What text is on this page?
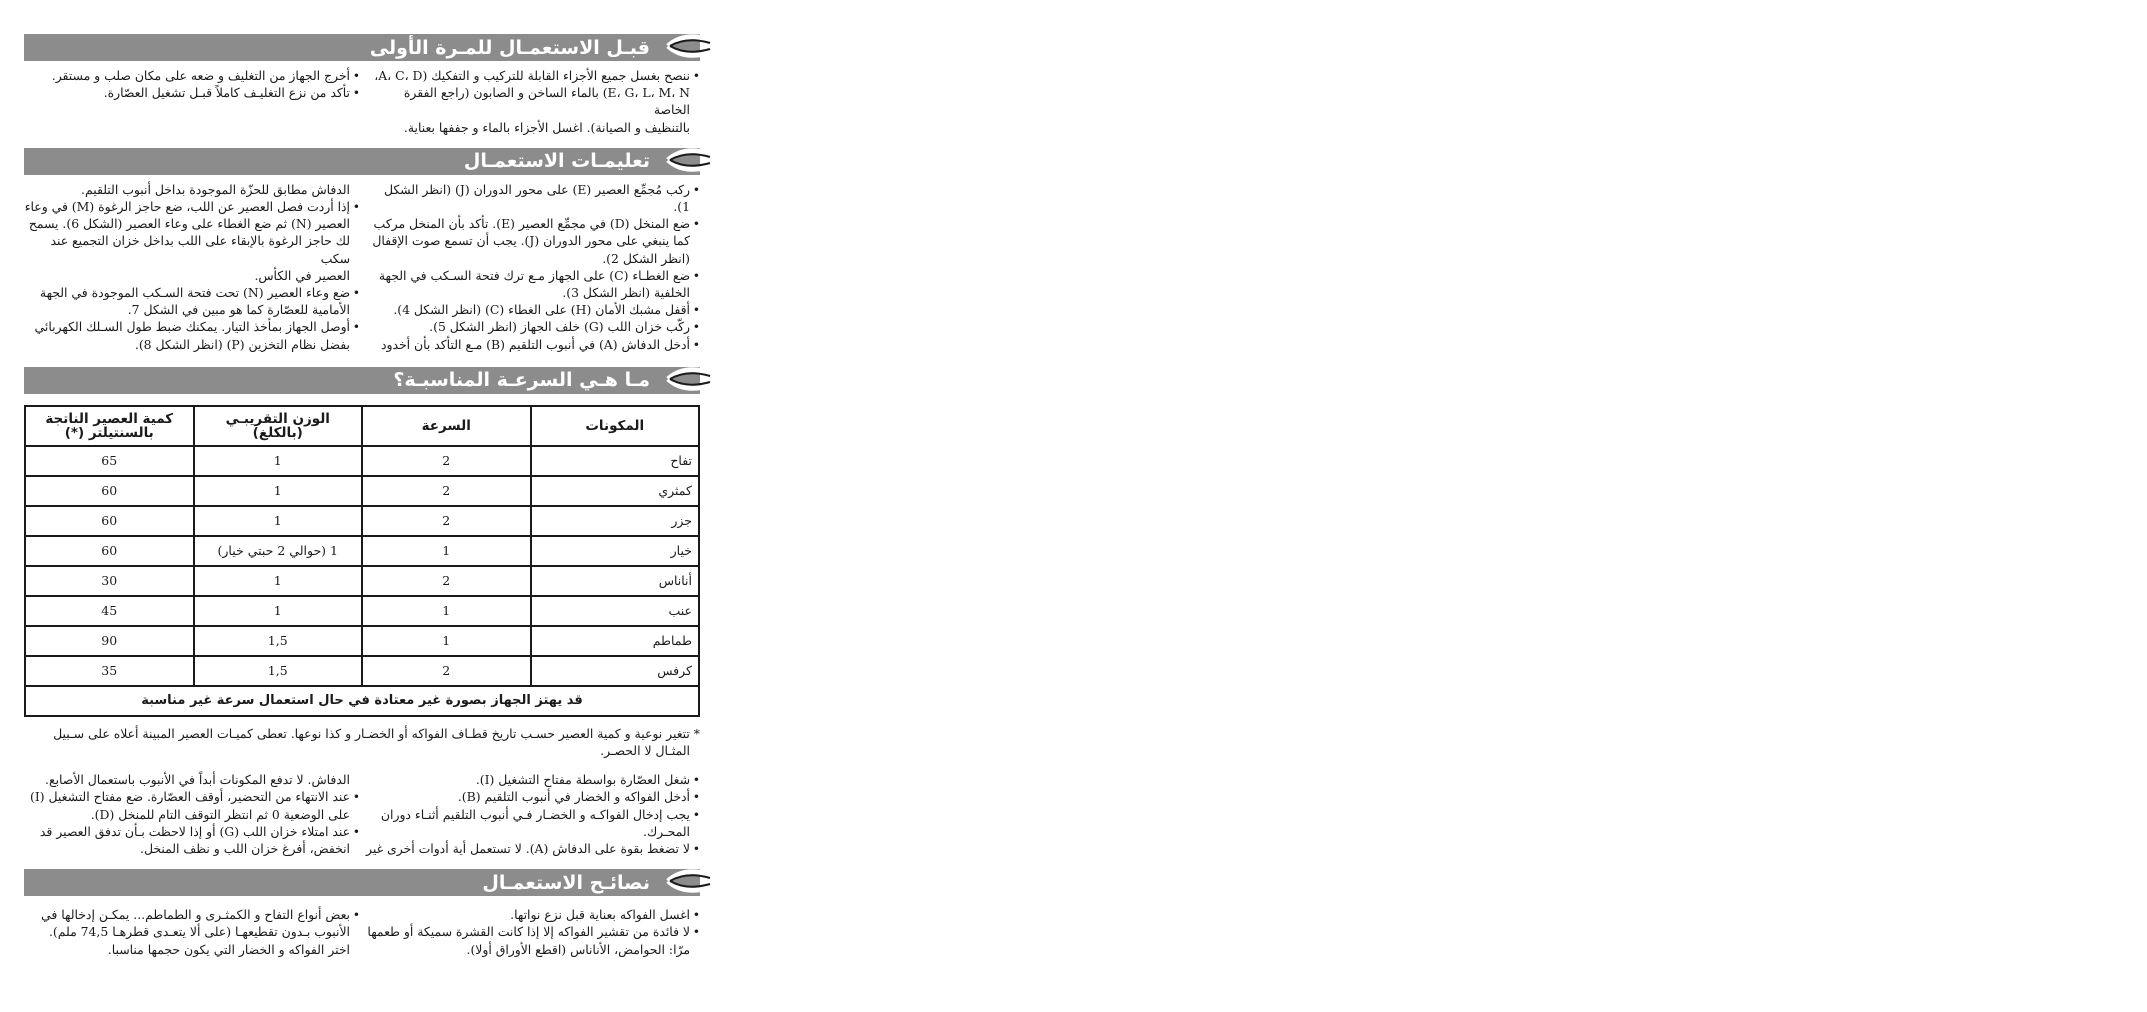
قبـل الاستعمـال للمـرة الأولى
• ننصح بغسل جميع الأجزاء القابلة للتركيب و التفكيك (A، C، D،
E، G، L، M، N) بالماء الساخن و الصابون (راجع الفقرة الخاصة
بالتنظيف و الصيانة). اغسل الأجزاء بالماء و جففها بعناية.
• أخرج الجهاز من التغليف و ضعه على مكان صلب و مستقر.
• تأكد من نزع التغليـف كاملاً قبـل تشغيل العصّارة.
تعليمـات الاستعمـال
• ركب مُجمِّع العصير (E) على محور الدوران (J) (انظر الشكل 1).
• ضع المنخل (D) في مجمِّع العصير (E). تأكد بأن المنخل مركب
كما ينبغي على محور الدوران (J). يجب أن تسمع صوت الإقفال
(انظر الشكل 2).
• ضع الغطـاء (C) على الجهاز مـع ترك فتحة السـكب في الجهة
الخلفية (انظر الشكل 3).
• أقفل مشبك الأمان (H) على الغطاء (C) (انظر الشكل 4).
• ركّب خزان اللب (G) خلف الجهاز (انظر الشكل 5).
• أدخل الدفاش (A) في أنبوب التلقيم (B) مـع التأكد بأن أخدود
الدفاش مطابق للحزّة الموجودة بداخل أنبوب التلقيم.
• إذا أردت فصل العصير عن اللب، ضع حاجز الرغوة (M) في وعاء
العصير (N) ثم ضع الغطاء على وعاء العصير (الشكل 6). يسمح
لك حاجز الرغوة بالإبقاء على اللب بداخل خزان التجميع عند سكب
العصير في الكأس.
• ضع وعاء العصير (N) تحت فتحة السـكب الموجودة في الجهة
الأمامية للعصّارة كما هو مبين في الشكل 7.
• أوصل الجهاز بمأخذ التيار. يمكنك ضبط طول السـلك الكهربائي
بفضل نظام التخزين (P) (انظر الشكل 8).
مـا هـي السرعـة المناسبـة؟
المكونات	السرعة	الوزن التقريبـي (بالكلغ)	كمية العصير الناتجة بالسنتيلتر (*)
تفاح	2	1	65
كمثري	2	1	60
جزر	2	1	60
خيار	1	1 (حوالي 2 حبتي خيار)	60
أناناس	2	1	30
عنب	1	1	45
طماطم	1	1,5	90
كرفس	2	1,5	35
قد يهتز الجهاز بصورة غير معتادة في حال استعمال سرعة غير مناسبة			
* تتغير نوعية و كمية العصير حسـب تاريخ قطـاف الفواكه أو الخضـار و كذا نوعها. تعطى كميـات العصير المبينة أعلاه على سـبيل
المثـال لا الحصـر.
• شغل العصّارة بواسطة مفتاح التشغيل (I).
• أدخل الفواكه و الخضار في أنبوب التلقيم (B).
• يجب إدخال الفواكـه و الخضـار فـي أنبوب التلقيم أثنـاء دوران
المحـرك.
• لا تضغط بقوة على الدفاش (A). لا تستعمل أية أدوات أخرى غير
الدفاش. لا تدفع المكونات أبداً في الأنبوب باستعمال الأصابع.
• عند الانتهاء من التحضير، أوقف العصّارة. ضع مفتاح التشغيل (I)
على الوضعية 0 ثم انتظر التوقف التام للمنخل (D).
• عند امتلاء خزان اللب (G) أو إذا لاحظت بـأن تدفق العصير قد
انخفض، أفرغ خزان اللب و نظف المنخل.
نصائـح الاستعمـال
• اغسل الفواكه بعناية قبل نزع نواتها.
• لا فائدة من تقشير الفواكه إلا إذا كانت القشرة سميكة أو طعمها
مرّا: الحوامض، الأناناس (اقطع الأوراق أولا).
• بعض أنواع التفاح و الكمثـرى و الطماطم... يمكـن إدخالها في
الأنبوب بـدون تقطيعهـا (على ألا يتعـدى قطرهـا 74,5 ملم).
اختر الفواكه و الخضار التي يكون حجمها مناسبا.
